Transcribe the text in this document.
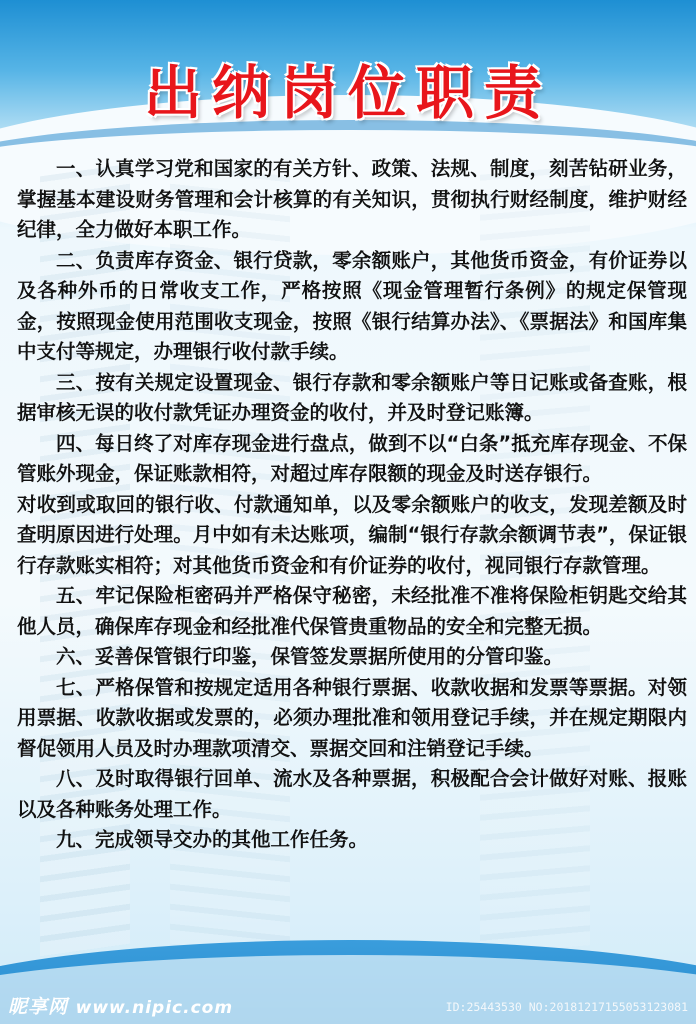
出纳岗位职责

一、认真学习党和国家的有关方针、政策、法规、制度，刻苦钻研业务，掌握基本建设财务管理和会计核算的有关知识，贯彻执行财经制度，维护财经纪律，全力做好本职工作。

二、负责库存资金、银行贷款，零余额账户，其他货币资金，有价证券以及各种外币的日常收支工作，严格按照《现金管理暂行条例》的规定保管现金，按照现金使用范围收支现金，按照《银行结算办法》、《票据法》和国库集中支付等规定，办理银行收付款手续。

三、按有关规定设置现金、银行存款和零余额账户等日记账或备查账，根据审核无误的收付款凭证办理资金的收付，并及时登记账簿。

四、每日终了对库存现金进行盘点，做到不以“白条”抵充库存现金、不保管账外现金，保证账款相符，对超过库存限额的现金及时送存银行。

对收到或取回的银行收、付款通知单，以及零余额账户的收支，发现差额及时查明原因进行处理。月中如有未达账项，编制“银行存款余额调节表”，保证银行存款账实相符；对其他货币资金和有价证券的收付，视同银行存款管理。

五、牢记保险柜密码并严格保守秘密，未经批准不准将保险柜钥匙交给其他人员，确保库存现金和经批准代保管贵重物品的安全和完整无损。

六、妥善保管银行印鉴，保管签发票据所使用的分管印鉴。

七、严格保管和按规定适用各种银行票据、收款收据和发票等票据。对领用票据、收款收据或发票的，必须办理批准和领用登记手续，并在规定期限内督促领用人员及时办理款项清交、票据交回和注销登记手续。

八、及时取得银行回单、流水及各种票据，积极配合会计做好对账、报账以及各种账务处理工作。

九、完成领导交办的其他工作任务。

昵享网 www.nipic.com	ID:25443530 NO:20181217155053123081
